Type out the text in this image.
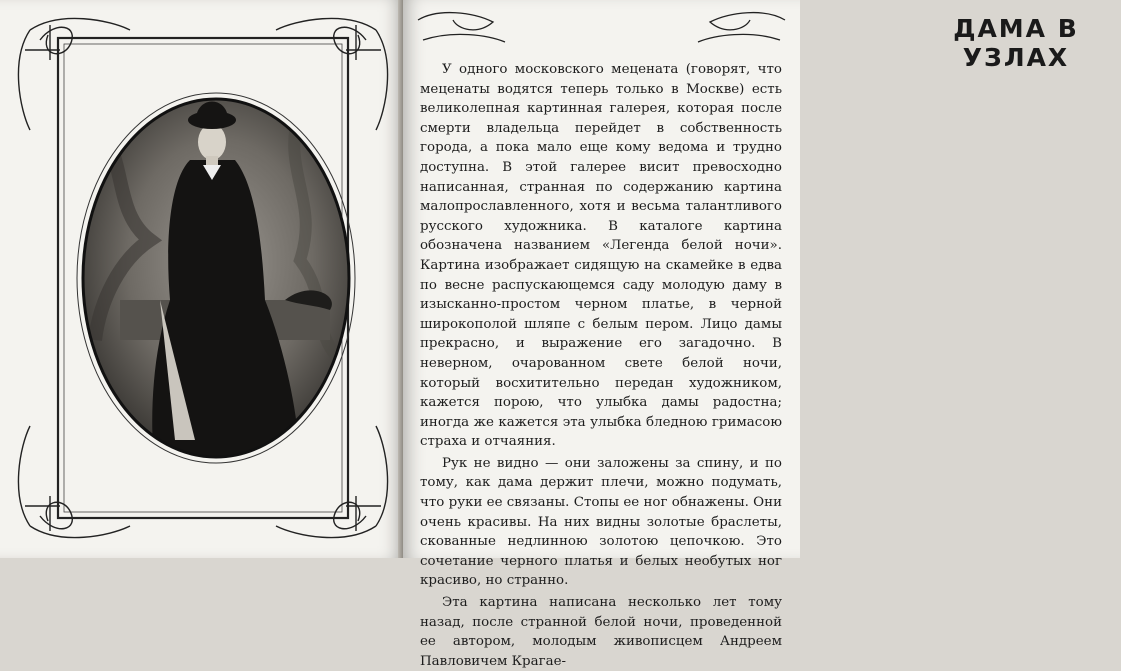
ДАМА В УЗЛАХ

У одного московского мецената (говорят, что меценаты водятся теперь только в Москве) есть великолепная картинная галерея, которая после смерти владельца перейдет в собственность города, а пока мало еще кому ведома и трудно доступна. В этой галерее висит превосходно написанная, странная по содержанию картина малопрославленного, хотя и весьма талантливого русского художника. В каталоге картина обозначена названием «Легенда белой ночи». Картина изображает сидящую на скамейке в едва по весне распускающемся саду молодую даму в изысканно-простом черном платье, в черной широкополой шляпе с белым пером. Лицо дамы прекрасно, и выражение его загадочно. В неверном, очарованном свете белой ночи, который восхитительно передан художником, кажется порою, что улыбка дамы радостна; иногда же кажется эта улыбка бледною гримасою страха и отчаяния.

Рук не видно — они заложены за спину, и по тому, как дама держит плечи, можно подумать, что руки ее связаны. Стопы ее ног обнажены. Они очень красивы. На них видны золотые браслеты, скованные недлинною золотою цепочкою. Это сочетание черного платья и белых необутых ног красиво, но странно.

Эта картина написана несколько лет тому назад, после странной белой ночи, проведенной ее автором, молодым живописцем Андреем Павловичем Крагае-
